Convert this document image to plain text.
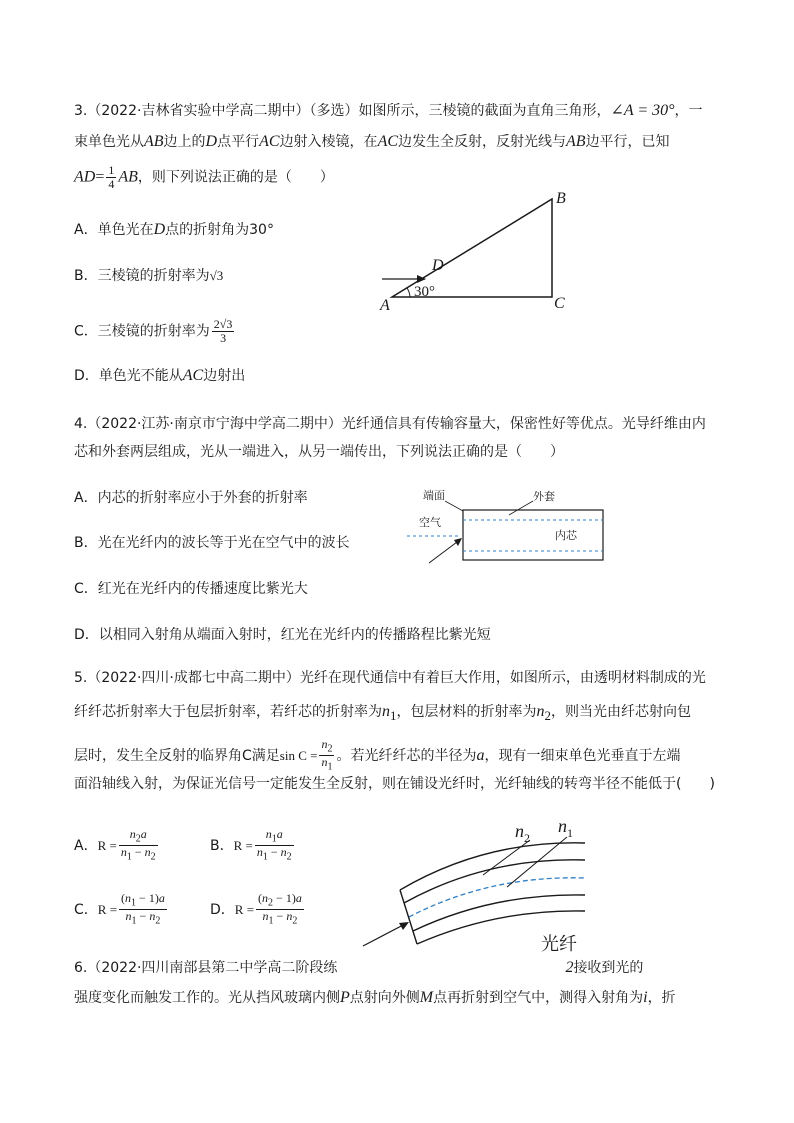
3.（2022·吉林省实验中学高二期中）（多选）如图所示，三棱镜的截面为直角三角形，∠A = 30°，一
束单色光从AB边上的D点平行AC边射入棱镜，在AC边发生全反射，反射光线与AB边平行，已知
$AD= \frac{1}{4}$ AB，则下列说法正确的是（　　）
A．单色光在D点的折射角为30°
B．三棱镜的折射率为√3
C．三棱镜的折射率为 $\frac{2√3}{3}$
D．单色光不能从AC边射出
A
B
C
D
30°
4.（2022·江苏·南京市宁海中学高二期中）光纤通信具有传输容量大，保密性好等优点。光导纤维由内
芯和外套两层组成，光从一端进入，从另一端传出，下列说法正确的是（　　）
A．内芯的折射率应小于外套的折射率
B．光在光纤内的波长等于光在空气中的波长
C．红光在光纤内的传播速度比紫光大
D．以相同入射角从端面入射时，红光在光纤内的传播路程比紫光短
端面	外套
空气
内芯
5.（2022·四川·成都七中高二期中）光纤在现代通信中有着巨大作用，如图所示，由透明材料制成的光
纤纤芯折射率大于包层折射率，若纤芯的折射率为$n_1$，包层材料的折射率为$n_2$，则当光由纤芯射向包
层时，发生全反射的临界角C满足$\sin C = \frac{n_2}{n_1}$ 。若光纤纤芯的半径为a，现有一细束单色光垂直于左端
面沿轴线入射，为保证光信号一定能发生全反射，则在铺设光纤时，光纤轴线的转弯半径不能低于(　　)
A．$R = \frac{n_2a}{n_1 - n_2}$	B．$R = \frac{n_1a}{n_1 - n_2}$
C．$R = \frac{(n_1 - 1)a}{n_1 - n_2}$	D．$R = \frac{(n_2 - 1)a}{n_1 - n_2}$
$n_2$
$n_1$
光纤
6.（2022·四川南部县第二中学高二阶段练	2接收到光的
强度变化而触发工作的。光从挡风玻璃内侧P点射向外侧M点再折射到空气中，测得入射角为i，折
